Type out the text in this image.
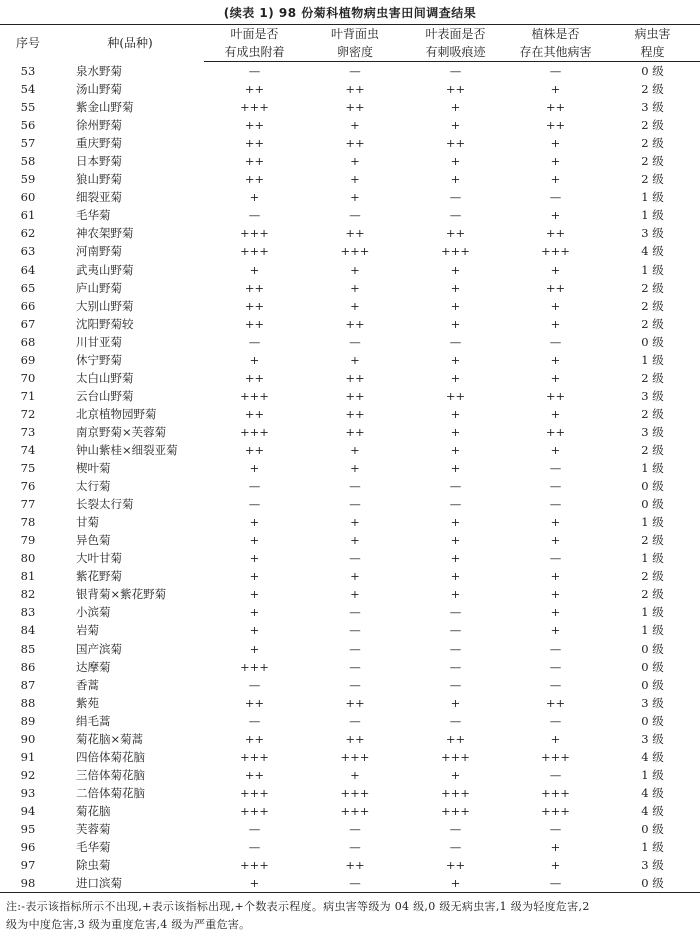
(续表 1) 98 份菊科植物病虫害田间调查结果
序号	种(品种)	叶面是否	叶背面虫	叶表面是否	植株是否	病虫害
		有成虫附着	卵密度	有刺吸痕迹	存在其他病害	程度
53	泉水野菊	—	—	—	—	0 级
54	汤山野菊	++	++	++	+	2 级
55	紫金山野菊	+++	++	+	++	3 级
56	徐州野菊	++	+	+	++	2 级
57	重庆野菊	++	++	++	+	2 级
58	日本野菊	++	+	+	+	2 级
59	狼山野菊	++	+	+	+	2 级
60	细裂亚菊	+	+	—	—	1 级
61	毛华菊	—	—	—	+	1 级
62	神农架野菊	+++	++	++	++	3 级
63	河南野菊	+++	+++	+++	+++	4 级
64	武夷山野菊	+	+	+	+	1 级
65	庐山野菊	++	+	+	++	2 级
66	大别山野菊	++	+	+	+	2 级
67	沈阳野菊较	++	++	+	+	2 级
68	川甘亚菊	—	—	—	—	0 级
69	休宁野菊	+	+	+	+	1 级
70	太白山野菊	++	++	+	+	2 级
71	云台山野菊	+++	++	++	++	3 级
72	北京植物园野菊	++	++	+	+	2 级
73	南京野菊×芙蓉菊	+++	++	+	++	3 级
74	钟山紫桂×细裂亚菊	++	+	+	+	2 级
75	楔叶菊	+	+	+	—	1 级
76	太行菊	—	—	—	—	0 级
77	长裂太行菊	—	—	—	—	0 级
78	甘菊	+	+	+	+	1 级
79	异色菊	+	+	+	+	2 级
80	大叶甘菊	+	—	+	—	1 级
81	紫花野菊	+	+	+	+	2 级
82	银背菊×紫花野菊	+	+	+	+	2 级
83	小滨菊	+	—	—	+	1 级
84	岩菊	+	—	—	+	1 级
85	国产滨菊	+	—	—	—	0 级
86	达摩菊	+++	—	—	—	0 级
87	香蒿	—	—	—	—	0 级
88	紫苑	++	++	+	++	3 级
89	绢毛蒿	—	—	—	—	0 级
90	菊花脑×菊蒿	++	++	++	+	3 级
91	四倍体菊花脑	+++	+++	+++	+++	4 级
92	三倍体菊花脑	++	+	+	—	1 级
93	二倍体菊花脑	+++	+++	+++	+++	4 级
94	菊花脑	+++	+++	+++	+++	4 级
95	芙蓉菊	—	—	—	—	0 级
96	毛华菊	—	—	—	+	1 级
97	除虫菊	+++	++	++	+	3 级
98	进口滨菊	+	—	+	—	0 级
注:-表示该指标所示不出现,+表示该指标出现,+个数表示程度。病虫害等级为 04 级,0 级无病虫害,1 级为轻度危害,2
级为中度危害,3 级为重度危害,4 级为严重危害。
